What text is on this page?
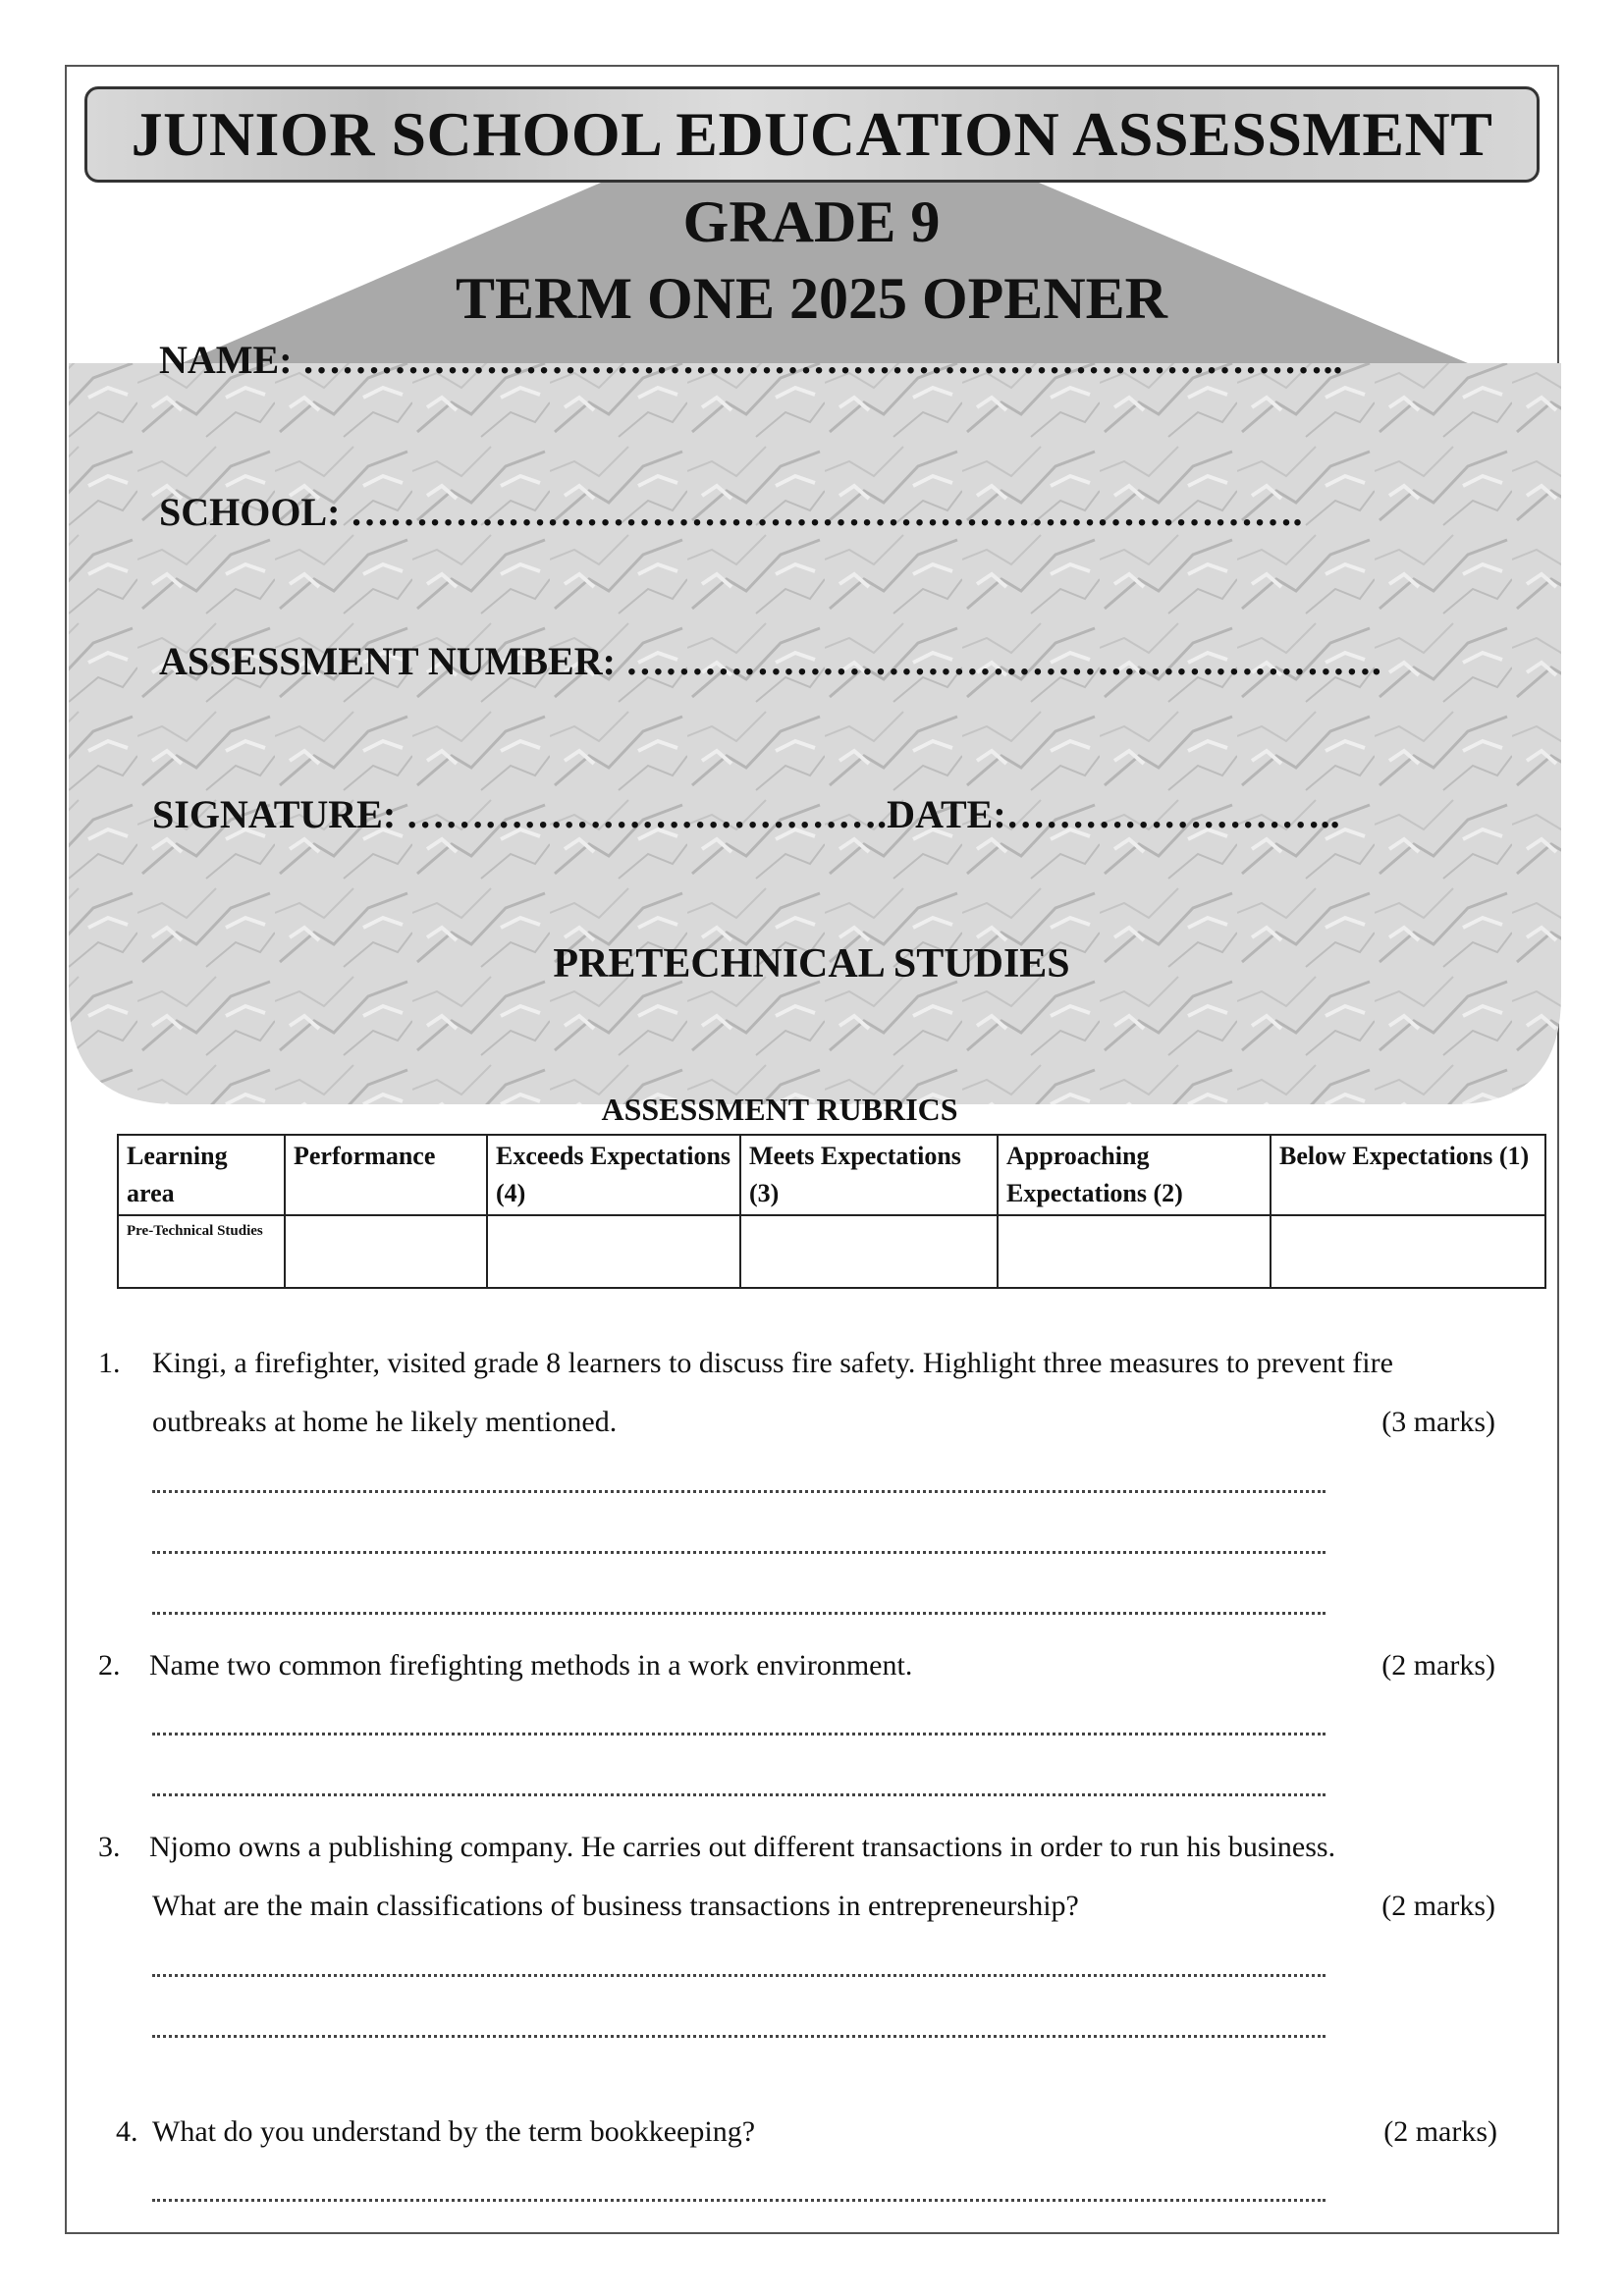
JUNIOR SCHOOL EDUCATION ASSESSMENT
GRADE 9
TERM ONE 2025 OPENER
NAME: ……………………………………………………………………..
SCHOOL: ……………………………………………………………….
ASSESSMENT NUMBER: ………………………………………………….
SIGNATURE: ……………………………….DATE:……………………..
PRETECHNICAL STUDIES
ASSESSMENT RUBRICS
Learning area	Performance	Exceeds Expectations (4)	Meets Expectations (3)	Approaching Expectations (2)	Below Expectations (1)
Pre-Technical Studies					
1. Kingi, a firefighter, visited grade 8 learners to discuss fire safety. Highlight three measures to prevent fire
outbreaks at home he likely mentioned.	(3 marks)
2. Name two common firefighting methods in a work environment.	(2 marks)
3. Njomo owns a publishing company. He carries out different transactions in order to run his business.
What are the main classifications of business transactions in entrepreneurship?	(2 marks)
4. What do you understand by the term bookkeeping?	(2 marks)
